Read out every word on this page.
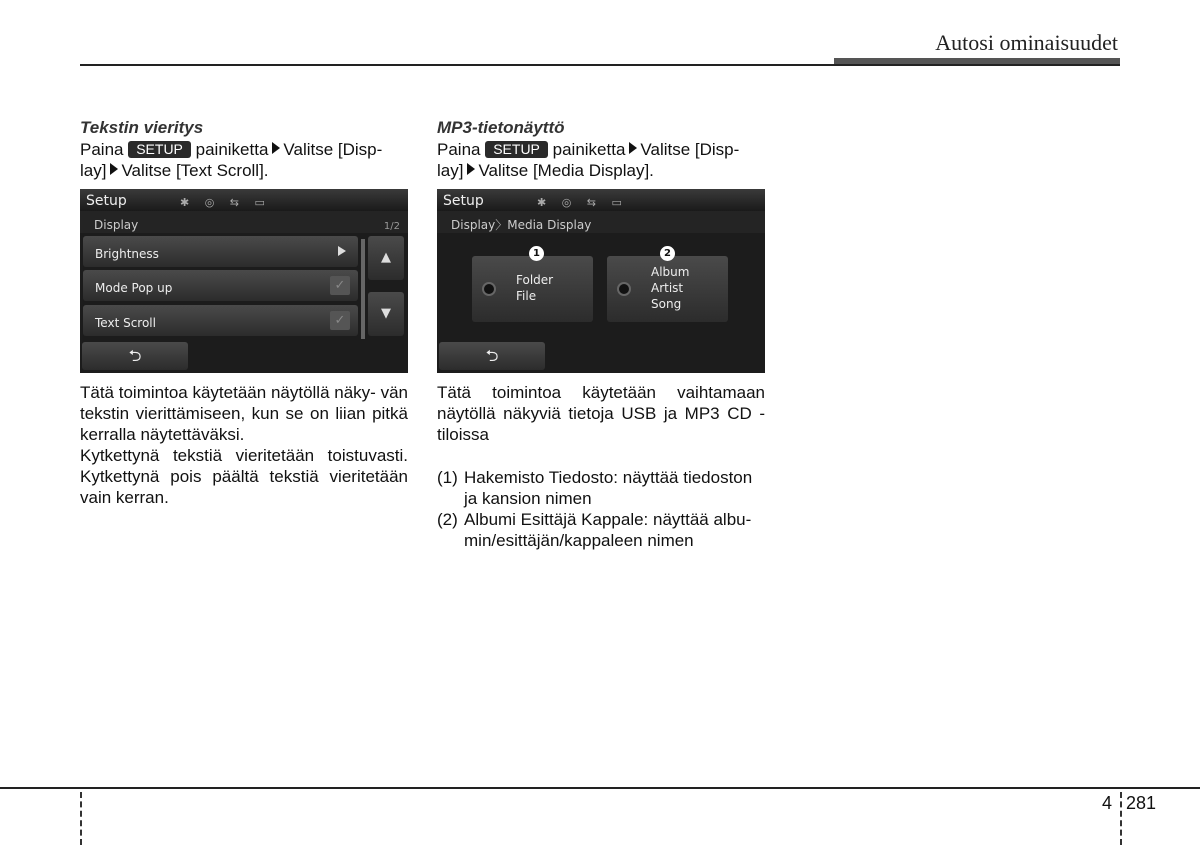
Autosi ominaisuudet
Tekstin vieritys
Paina SETUP painiketta Valitse [Disp-
lay] Valitse [Text Scroll].
Setup	✱ ◎ ⇆ ▭
Display	1/2
Brightness
Mode Pop up	✓
Text Scroll	✓
▲
▼
⮌

Tätä toimintoa käytetään näytöllä näky- vän tekstin vierittämiseen, kun se on liian pitkä kerralla näytettäväksi.

Kytkettynä tekstiä vieritetään toistuvasti. Kytkettynä pois päältä tekstiä vieritetään vain kerran.

MP3-tietonäyttö
Paina SETUP painiketta Valitse [Disp-
lay] Valitse [Media Display].
Setup	✱ ◎ ⇆ ▭
Display〉Media Display
Folder
File
Album
Artist
Song
1	2
⮌

Tätä toimintoa käytetään vaihtamaan näytöllä näkyviä tietoja USB ja MP3 CD - tiloissa

(1) Hakemisto Tiedosto: näyttää tiedoston ja kansion nimen
(2) Albumi Esittäjä Kappale: näyttää albu- min/esittäjän/kappaleen nimen
4 281
